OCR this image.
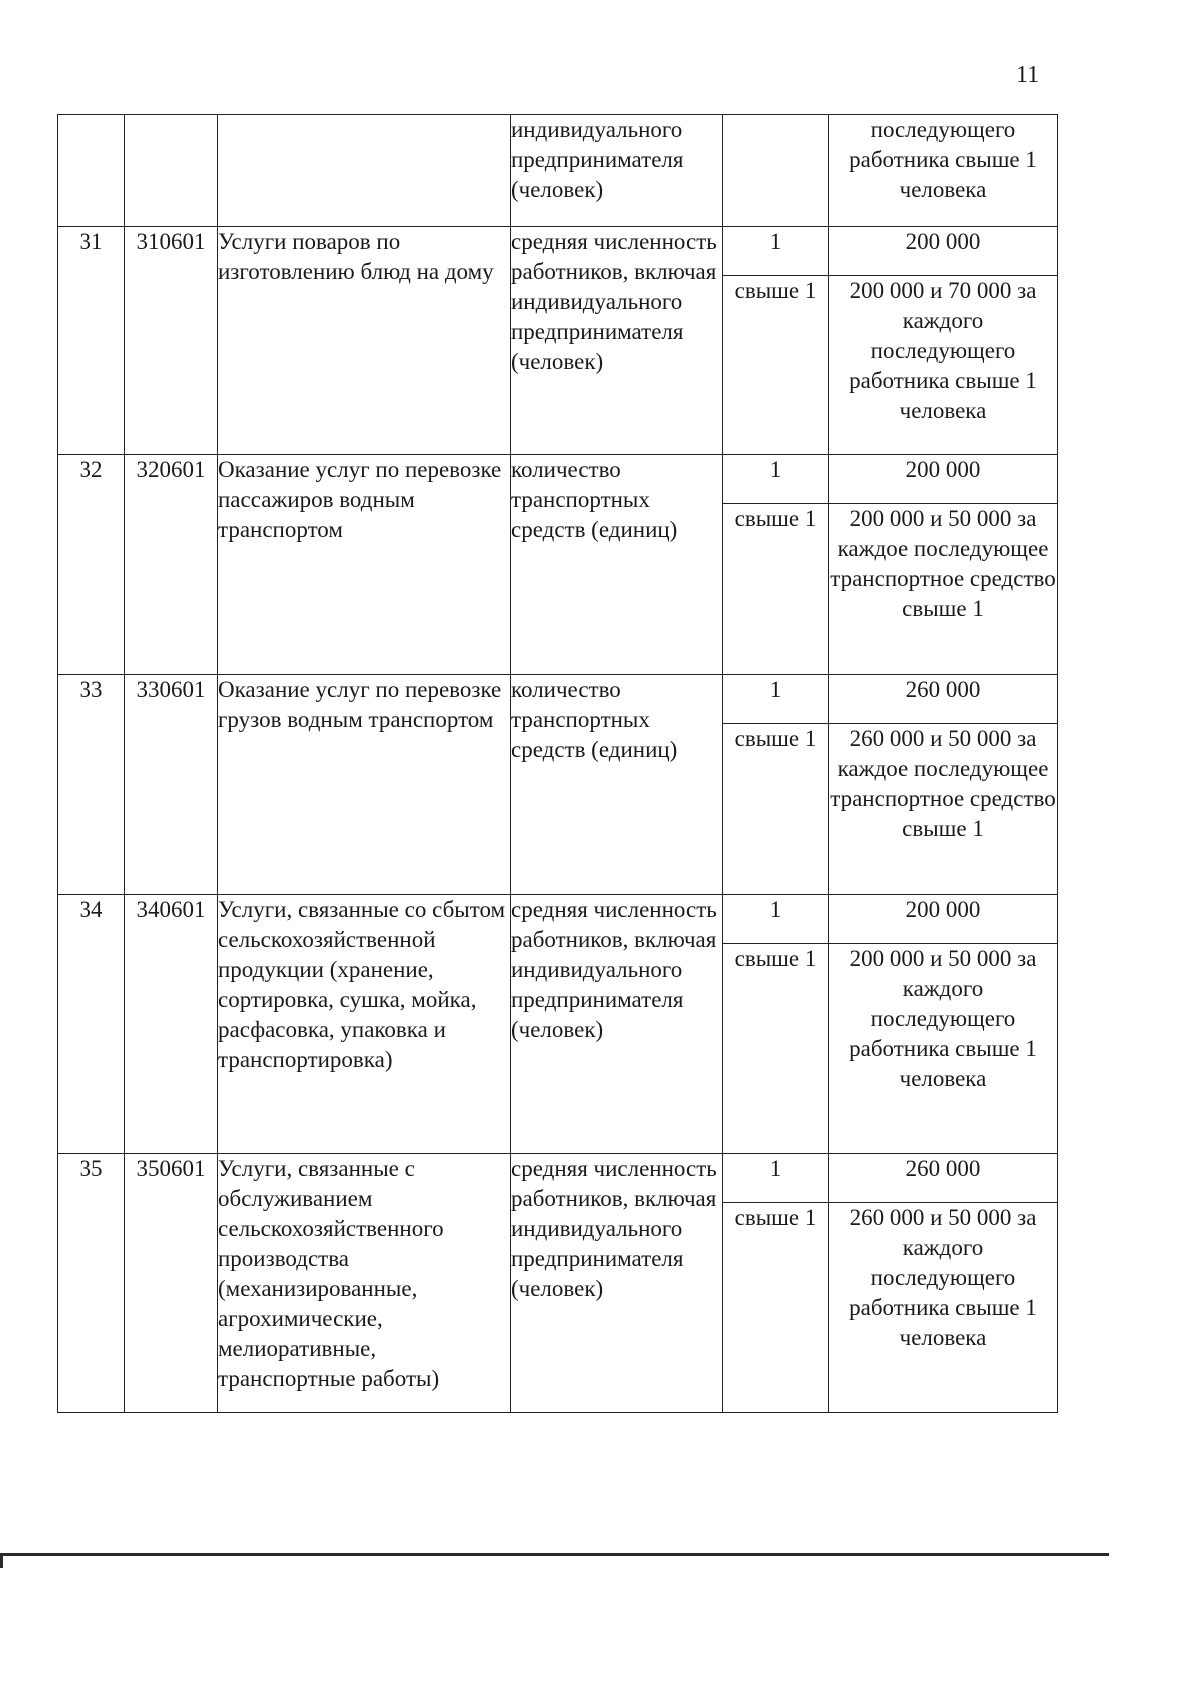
11
			индивидуального предпринимателя (человек)		последующего работника свыше 1 человека
31	310601	Услуги поваров по изготовлению блюд на дому	средняя численность работников, включая индивидуального предпринимателя (человек)	1	200 000
				свыше 1	200 000 и 70 000 за каждого последующего работника свыше 1 человека
32	320601	Оказание услуг по перевозке пассажиров водным транспортом	количество транспортных средств (единиц)	1	200 000
				свыше 1	200 000 и 50 000 за каждое последующее транспортное средство свыше 1
33	330601	Оказание услуг по перевозке грузов водным транспортом	количество транспортных средств (единиц)	1	260 000
				свыше 1	260 000 и 50 000 за каждое последующее транспортное средство свыше 1
34	340601	Услуги, связанные со сбытом сельскохозяйственной продукции (хранение, сортировка, сушка, мойка, расфасовка, упаковка и транспортировка)	средняя численность работников, включая индивидуального предпринимателя (человек)	1	200 000
				свыше 1	200 000 и 50 000 за каждого последующего работника свыше 1 человека
35	350601	Услуги, связанные с обслуживанием сельскохозяйственного производства (механизированные, агрохимические, мелиоративные, транспортные работы)	средняя численность работников, включая индивидуального предпринимателя (человек)	1	260 000
				свыше 1	260 000 и 50 000 за каждого последующего работника свыше 1 человека
